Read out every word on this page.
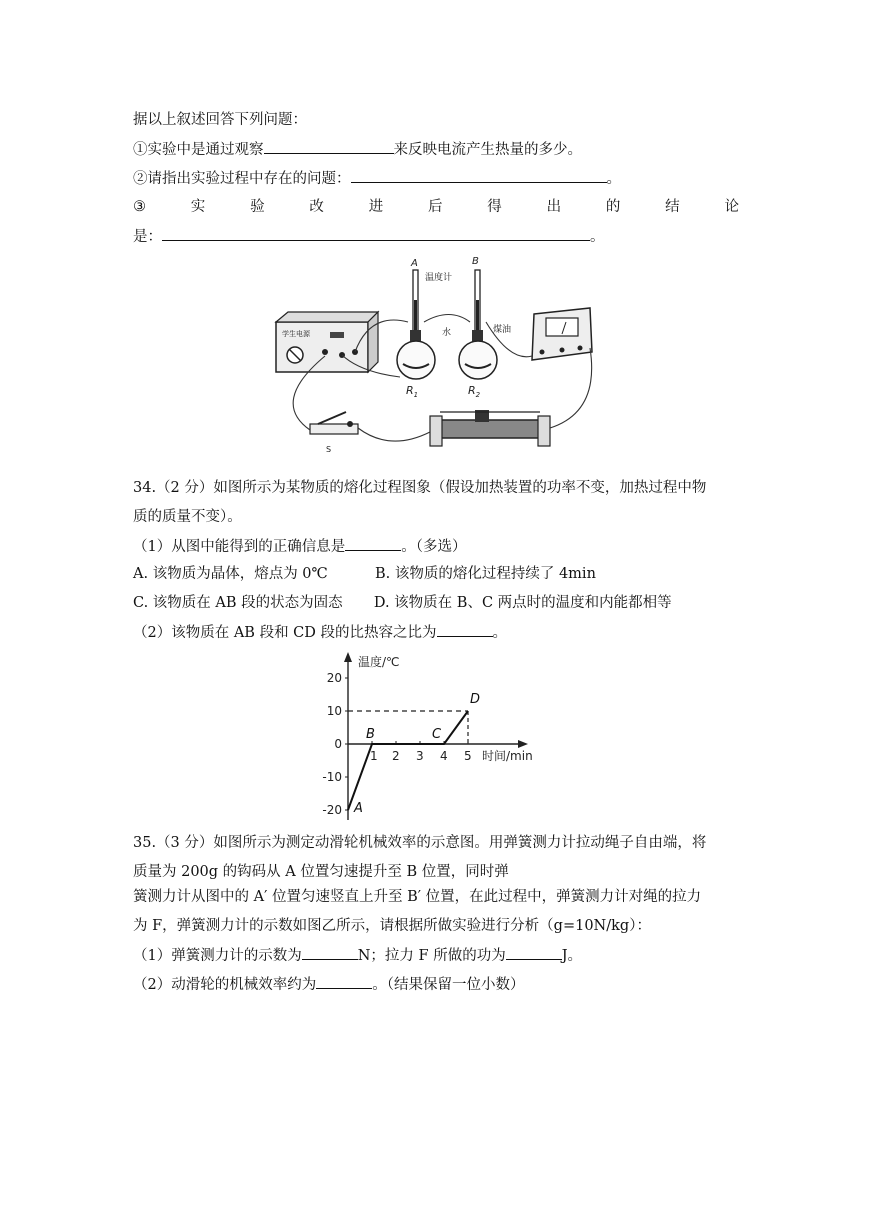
据以上叙述回答下列问题：
①实验中是通过观察	来反映电流产生热量的多少。
②请指出实验过程中存在的问题：	。
③	实	验	改	进	后	得	出	的	结	论
是：	。
学生电源
A	B
温度计
水	煤油
$R_1$	$R_2$
S
34.（2 分）如图所示为某物质的熔化过程图象（假设加热装置的功率不变，加热过程中物
质的质量不变）。
（1）从图中能得到的正确信息是	。（多选）
A. 该物质为晶体，熔点为 0℃	B. 该物质的熔化过程持续了 4min
C. 该物质在 AB 段的状态为固态 D. 该物质在 B、C 两点时的温度和内能都相等
（2）该物质在 AB 段和 CD 段的比热容之比为	。
20
10
0
-10
-20
1 2 3 4 5
温度/℃
时间/min
A
B	C
D
35.（3 分）如图所示为测定动滑轮机械效率的示意图。用弹簧测力计拉动绳子自由端，将
质量为 200g 的钩码从 A 位置匀速提升至 B 位置，同时弹
簧测力计从图中的 A′ 位置匀速竖直上升至 B′ 位置，在此过程中，弹簧测力计对绳的拉力
为 F，弹簧测力计的示数如图乙所示，请根据所做实验进行分析（g=10N/kg）：
（1）弹簧测力计的示数为	N；拉力 F 所做的功为	J。
（2）动滑轮的机械效率约为	。（结果保留一位小数）
